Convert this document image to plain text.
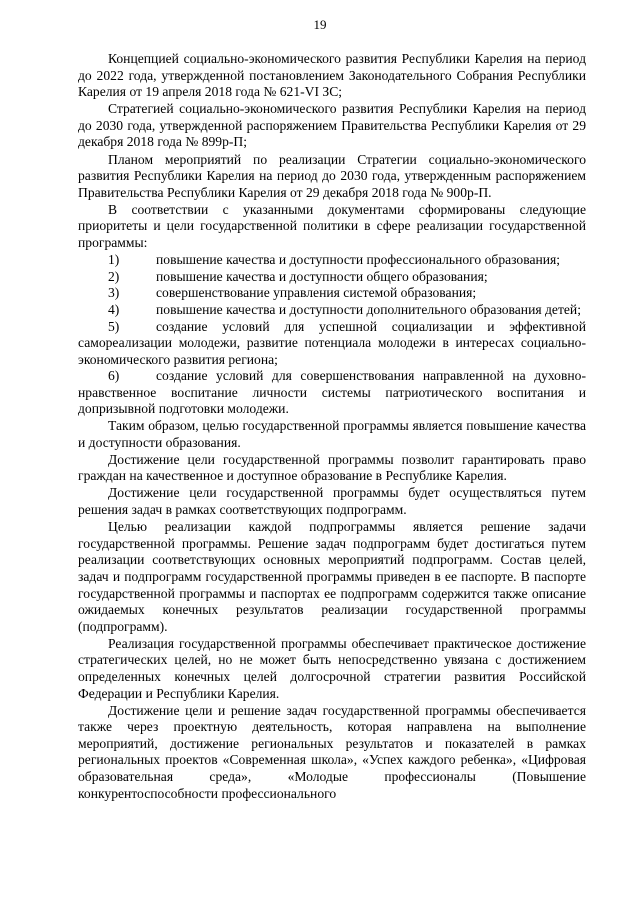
19

Концепцией социально-экономического развития Республики Карелия на период до 2022 года, утвержденной постановлением Законодательного Собрания Республики Карелия от 19 апреля 2018 года № 621-VI ЗС;

Стратегией социально-экономического развития Республики Карелия на период до 2030 года, утвержденной распоряжением Правительства Республики Карелия от 29 декабря 2018 года № 899р-П;

Планом мероприятий по реализации Стратегии социально-экономического развития Республики Карелия на период до 2030 года, утвержденным распоряжением Правительства Республики Карелия от 29 декабря 2018 года № 900р-П.

В соответствии с указанными документами сформированы следующие приоритеты и цели государственной политики в сфере реализации государственной программы:

1)	повышение качества и доступности профессионального образования;

2)	повышение качества и доступности общего образования;

3)	совершенствование управления системой образования;

4)	повышение качества и доступности дополнительного образования детей;

5)	создание условий для успешной социализации и эффективной самореализации молодежи, развитие потенциала молодежи в интересах социально-экономического развития региона;

6)	создание условий для совершенствования направленной на духовно-нравственное воспитание личности системы патриотического воспитания и допризывной подготовки молодежи.

Таким образом, целью государственной программы является повышение качества и доступности образования.

Достижение цели государственной программы позволит гарантировать право граждан на качественное и доступное образование в Республике Карелия.

Достижение цели государственной программы будет осуществляться путем решения задач в рамках соответствующих подпрограмм.

Целью реализации каждой подпрограммы является решение задачи государственной программы. Решение задач подпрограмм будет достигаться путем реализации соответствующих основных мероприятий подпрограмм. Состав целей, задач и подпрограмм государственной программы приведен в ее паспорте. В паспорте государственной программы и паспортах ее подпрограмм содержится также описание ожидаемых конечных результатов реализации государственной программы (подпрограмм).

Реализация государственной программы обеспечивает практическое достижение стратегических целей, но не может быть непосредственно увязана с достижением определенных конечных целей долгосрочной стратегии развития Российской Федерации и Республики Карелия.

Достижение цели и решение задач государственной программы обеспечивается также через проектную деятельность, которая направлена на выполнение мероприятий, достижение региональных результатов и показателей в рамках региональных проектов «Современная школа», «Успех каждого ребенка», «Цифровая образовательная среда», «Молодые профессионалы (Повышение конкурентоспособности профессионального
